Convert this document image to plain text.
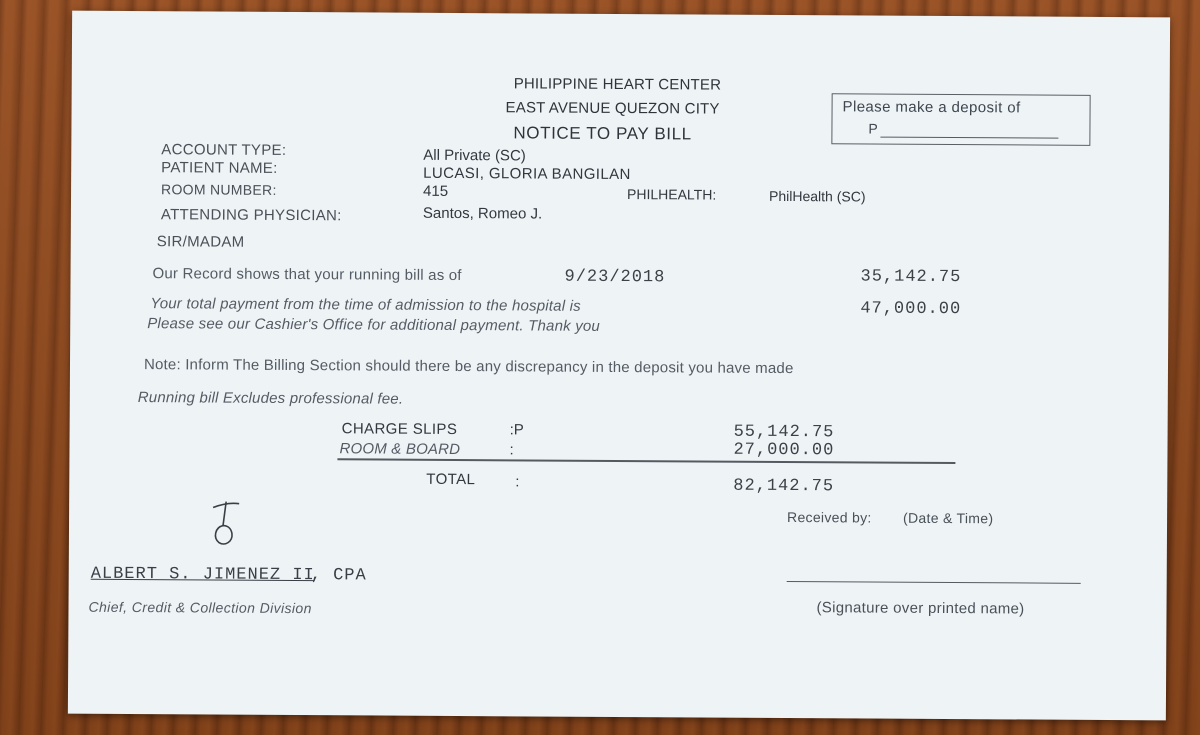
PHILIPPINE HEART CENTER
EAST AVENUE QUEZON CITY
NOTICE TO PAY BILL
Please make a deposit of
P
ACCOUNT TYPE:	All Private (SC)
PATIENT NAME:	LUCASI, GLORIA BANGILAN
ROOM NUMBER:	415	PHILHEALTH:	PhilHealth (SC)
ATTENDING PHYSICIAN:	Santos, Romeo J.
SIR/MADAM
Our Record shows that your running bill as of	9/23/2018	35,142.75
Your total payment from the time of admission to the hospital is	47,000.00
Please see our Cashier's Office for additional payment. Thank you
Note: Inform The Billing Section should there be any discrepancy in the deposit you have made
Running bill Excludes professional fee.
CHARGE SLIPS	:P	55,142.75
ROOM & BOARD	:	27,000.00
TOTAL	:	82,142.75
Received by: (Date & Time)
(Signature over printed name)
ALBERT S. JIMENEZ II
, CPA
Chief, Credit & Collection Division
